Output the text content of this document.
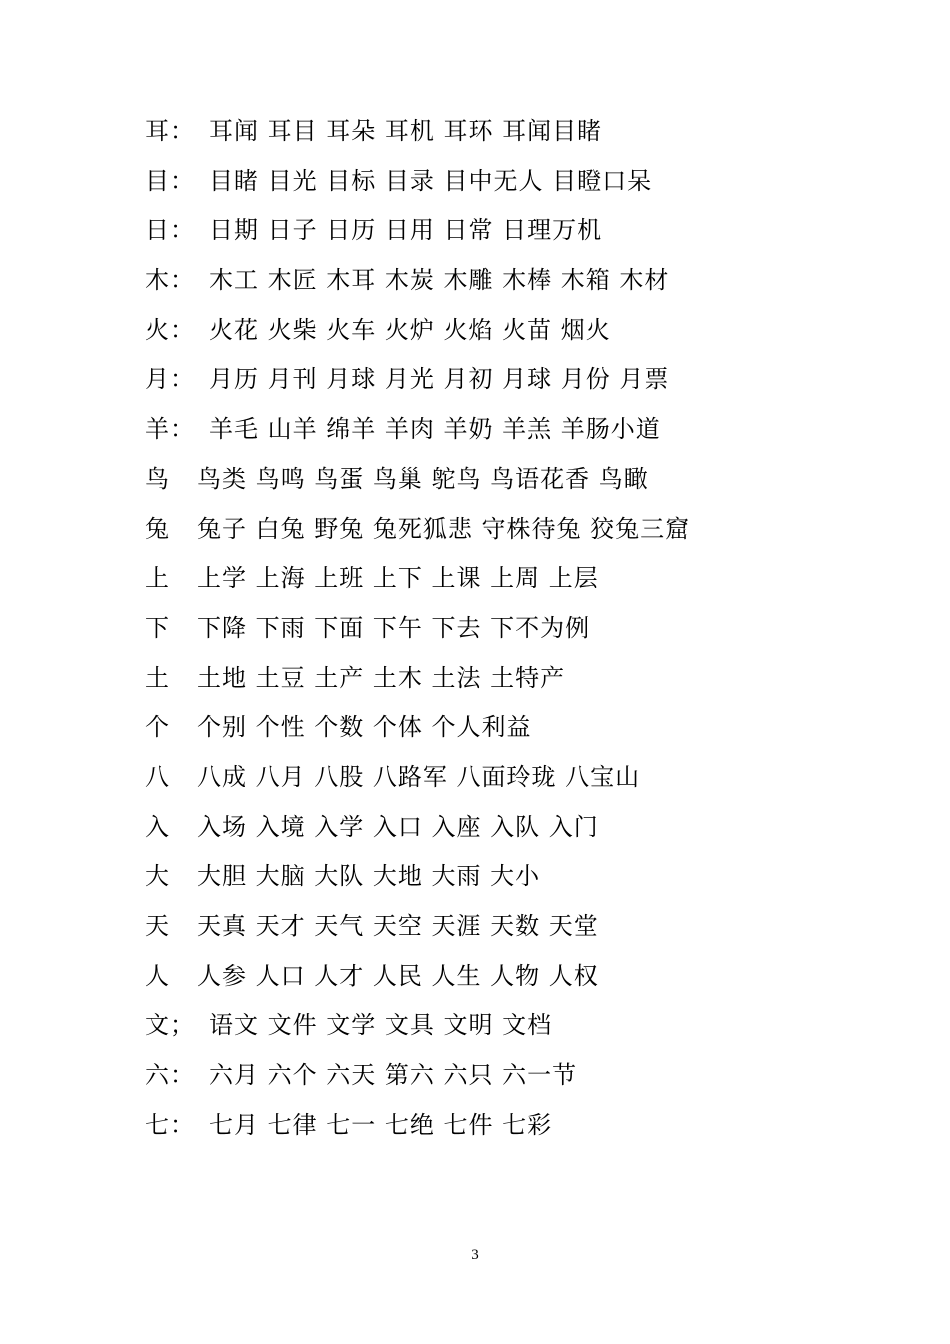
耳： 耳闻 耳目 耳朵 耳机 耳环 耳闻目睹
目： 目睹 目光 目标 目录 目中无人 目瞪口呆
日： 日期 日子 日历 日用 日常 日理万机
木： 木工 木匠 木耳 木炭 木雕 木棒 木箱 木材
火： 火花 火柴 火车 火炉 火焰 火苗 烟火
月： 月历 月刊 月球 月光 月初 月球 月份 月票
羊： 羊毛 山羊 绵羊 羊肉 羊奶 羊羔 羊肠小道
鸟 鸟类 鸟鸣 鸟蛋 鸟巢 鸵鸟 鸟语花香 鸟瞰
兔 兔子 白兔 野兔 兔死狐悲 守株待兔 狡兔三窟
上 上学 上海 上班 上下 上课 上周 上层
下 下降 下雨 下面 下午 下去 下不为例
土 土地 土豆 土产 土木 土法 土特产
个 个别 个性 个数 个体 个人利益
八 八成 八月 八股 八路军 八面玲珑 八宝山
入 入场 入境 入学 入口 入座 入队 入门
大 大胆 大脑 大队 大地 大雨 大小
天 天真 天才 天气 天空 天涯 天数 天堂
人 人参 人口 人才 人民 人生 人物 人权
文； 语文 文件 文学 文具 文明 文档
六： 六月 六个 六天 第六 六只 六一节
七： 七月 七律 七一 七绝 七件 七彩
3
